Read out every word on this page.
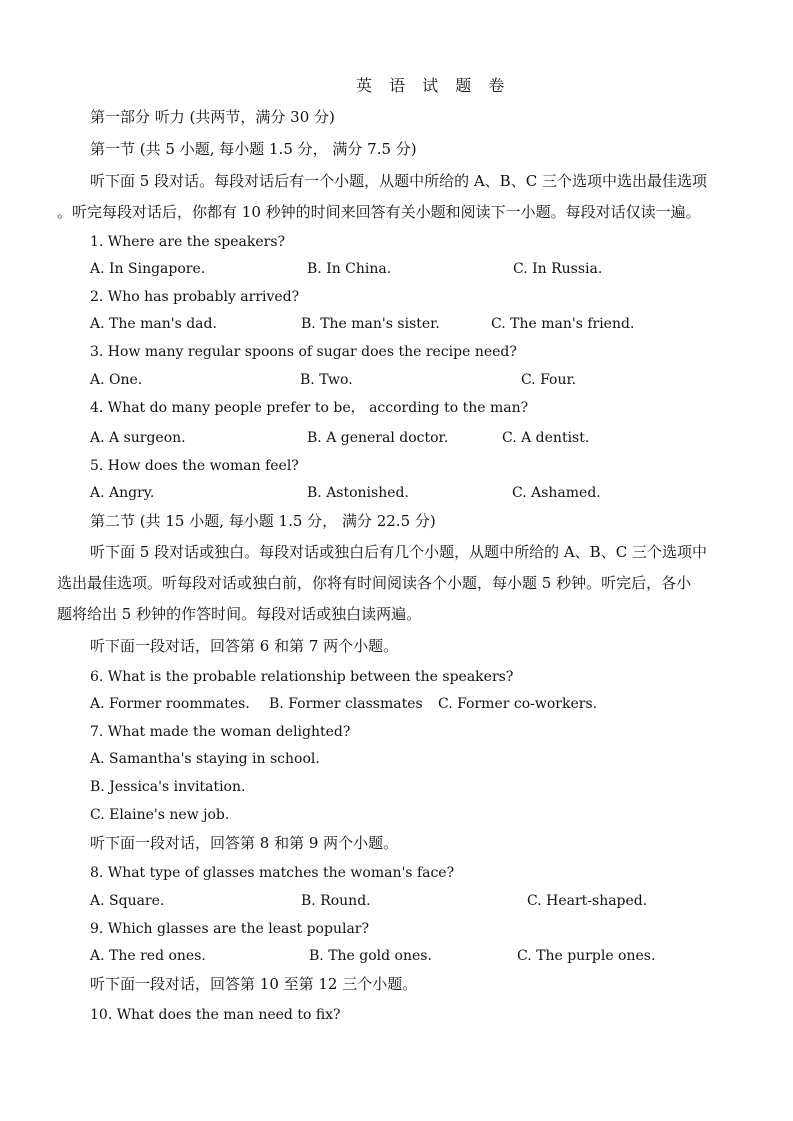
英 语 试 题 卷
第一部分 听力 (共两节，满分 30 分)
第一节 (共 5 小题, 每小题 1.5 分， 满分 7.5 分)
听下面 5 段对话。每段对话后有一个小题，从题中所给的 A、B、C 三个选项中选出最佳选项
。听完每段对话后，你都有 10 秒钟的时间来回答有关小题和阅读下一小题。每段对话仅读一遍。
1. Where are the speakers?
A. In Singapore.	B. In China.	C. In Russia.
2. Who has probably arrived?
A. The man's dad.	B. The man's sister.	C. The man's friend.
3. How many regular spoons of sugar does the recipe need?
A. One.	B. Two.	C. Four.
4. What do many people prefer to be， according to the man?
A. A surgeon.	B. A general doctor.	C. A dentist.
5. How does the woman feel?
A. Angry.	B. Astonished.	C. Ashamed.
第二节 (共 15 小题, 每小题 1.5 分， 满分 22.5 分)
听下面 5 段对话或独白。每段对话或独白后有几个小题，从题中所给的 A、B、C 三个选项中
选出最佳选项。听每段对话或独白前，你将有时间阅读各个小题，每小题 5 秒钟。听完后，各小
题将给出 5 秒钟的作答时间。每段对话或独白读两遍。
听下面一段对话，回答第 6 和第 7 两个小题。
6. What is the probable relationship between the speakers?
A. Former roommates. B. Former classmates C. Former co-workers.
7. What made the woman delighted?
A. Samantha's staying in school.
B. Jessica's invitation.
C. Elaine's new job.
听下面一段对话，回答第 8 和第 9 两个小题。
8. What type of glasses matches the woman's face?
A. Square.	B. Round.	C. Heart-shaped.
9. Which glasses are the least popular?
A. The red ones.	B. The gold ones.	C. The purple ones.
听下面一段对话，回答第 10 至第 12 三个小题。
10. What does the man need to fix?
